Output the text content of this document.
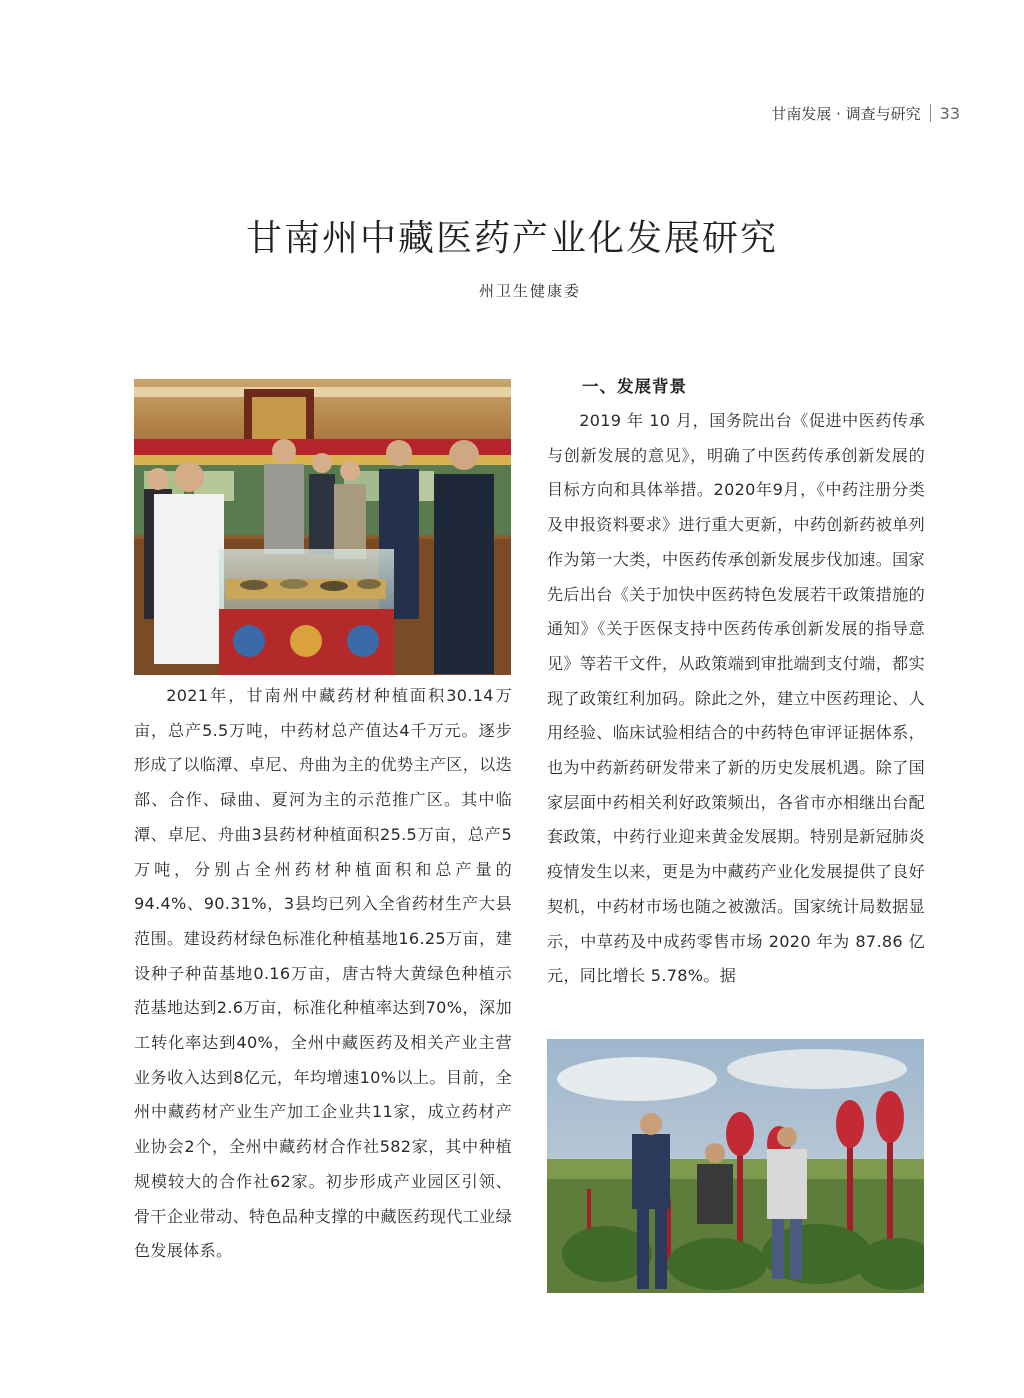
甘南发展 · 调查与研究 33
甘南州中藏医药产业化发展研究
州卫生健康委

2021年，甘南州中藏药材种植面积30.14万亩，总产5.5万吨，中药材总产值达4千万元。逐步形成了以临潭、卓尼、舟曲为主的优势主产区，以迭部、合作、碌曲、夏河为主的示范推广区。其中临潭、卓尼、舟曲3县药材种植面积25.5万亩，总产5万吨，分别占全州药材种植面积和总产量的94.4%、90.31%，3县均已列入全省药材生产大县范围。建设药材绿色标准化种植基地16.25万亩，建设种子种苗基地0.16万亩，唐古特大黄绿色种植示范基地达到2.6万亩，标准化种植率达到70%，深加工转化率达到40%，全州中藏医药及相关产业主营业务收入达到8亿元，年均增速10%以上。目前，全州中藏药材产业生产加工企业共11家，成立药材产业协会2个，全州中藏药材合作社582家，其中种植规模较大的合作社62家。初步形成产业园区引领、骨干企业带动、特色品种支撑的中藏医药现代工业绿色发展体系。

一、发展背景

2019 年 10 月，国务院出台《促进中医药传承与创新发展的意见》，明确了中医药传承创新发展的目标方向和具体举措。2020年9月，《中药注册分类及申报资料要求》进行重大更新，中药创新药被单列作为第一大类，中医药传承创新发展步伐加速。国家先后出台《关于加快中医药特色发展若干政策措施的通知》《关于医保支持中医药传承创新发展的指导意见》等若干文件，从政策端到审批端到支付端，都实现了政策红利加码。除此之外，建立中医药理论、人用经验、临床试验相结合的中药特色审评证据体系，也为中药新药研发带来了新的历史发展机遇。除了国家层面中药相关利好政策频出，各省市亦相继出台配套政策，中药行业迎来黄金发展期。特别是新冠肺炎疫情发生以来，更是为中藏药产业化发展提供了良好契机，中药材市场也随之被激活。国家统计局数据显示，中草药及中成药零售市场 2020 年为 87.86 亿元，同比增长 5.78%。据
